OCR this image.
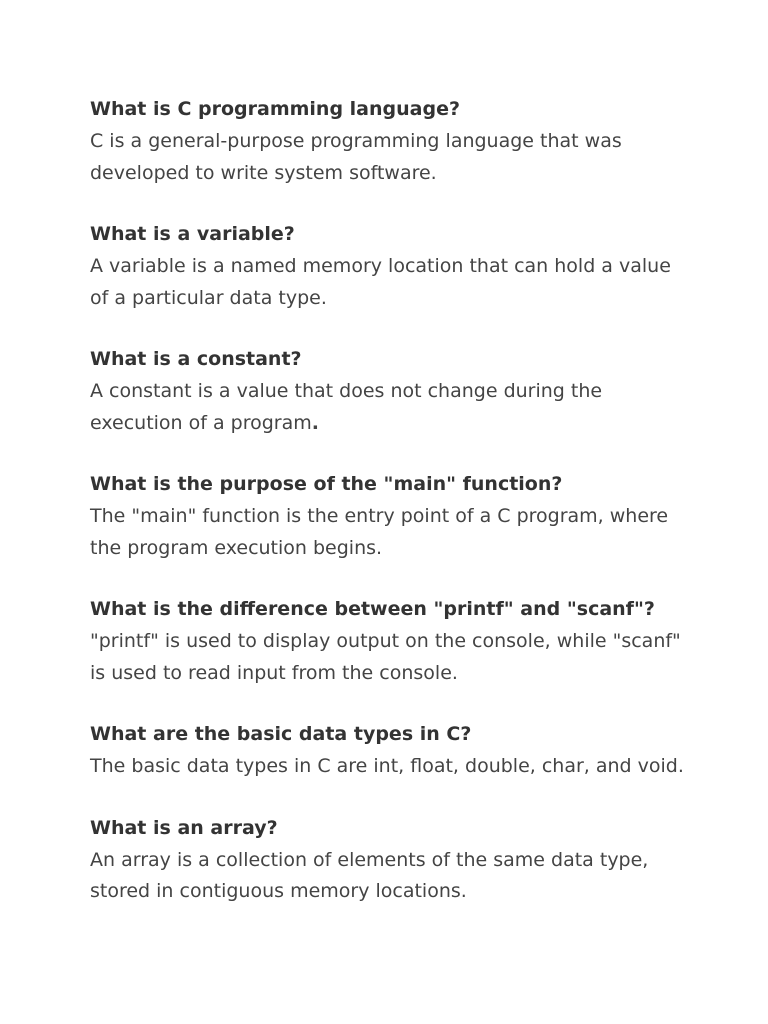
What is C programming language?

C is a general-purpose programming language that was developed to write system software.

What is a variable?

A variable is a named memory location that can hold a value of a particular data type.

What is a constant?

A constant is a value that does not change during the execution of a program.

What is the purpose of the "main" function?

The "main" function is the entry point of a C program, where the program execution begins.

What is the difference between "printf" and "scanf"?

"printf" is used to display output on the console, while "scanf" is used to read input from the console.

What are the basic data types in C?

The basic data types in C are int, float, double, char, and void.

What is an array?

An array is a collection of elements of the same data type, stored in contiguous memory locations.
